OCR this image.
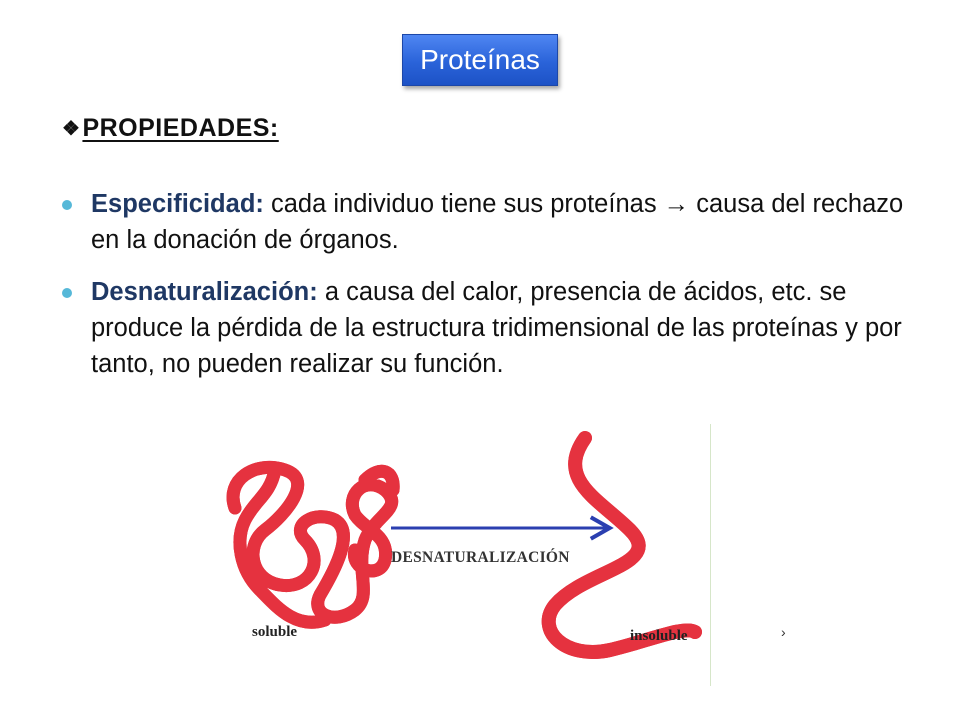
Proteínas
❖ PROPIEDADES:
Especificidad: cada individuo tiene sus proteínas → causa del rechazo en la donación de órganos.
Desnaturalización: a causa del calor, presencia de ácidos, etc. se produce la pérdida de la estructura tridimensional de las proteínas y por tanto, no pueden realizar su función.
soluble
DESNATURALIZACIÓN
insoluble	›
